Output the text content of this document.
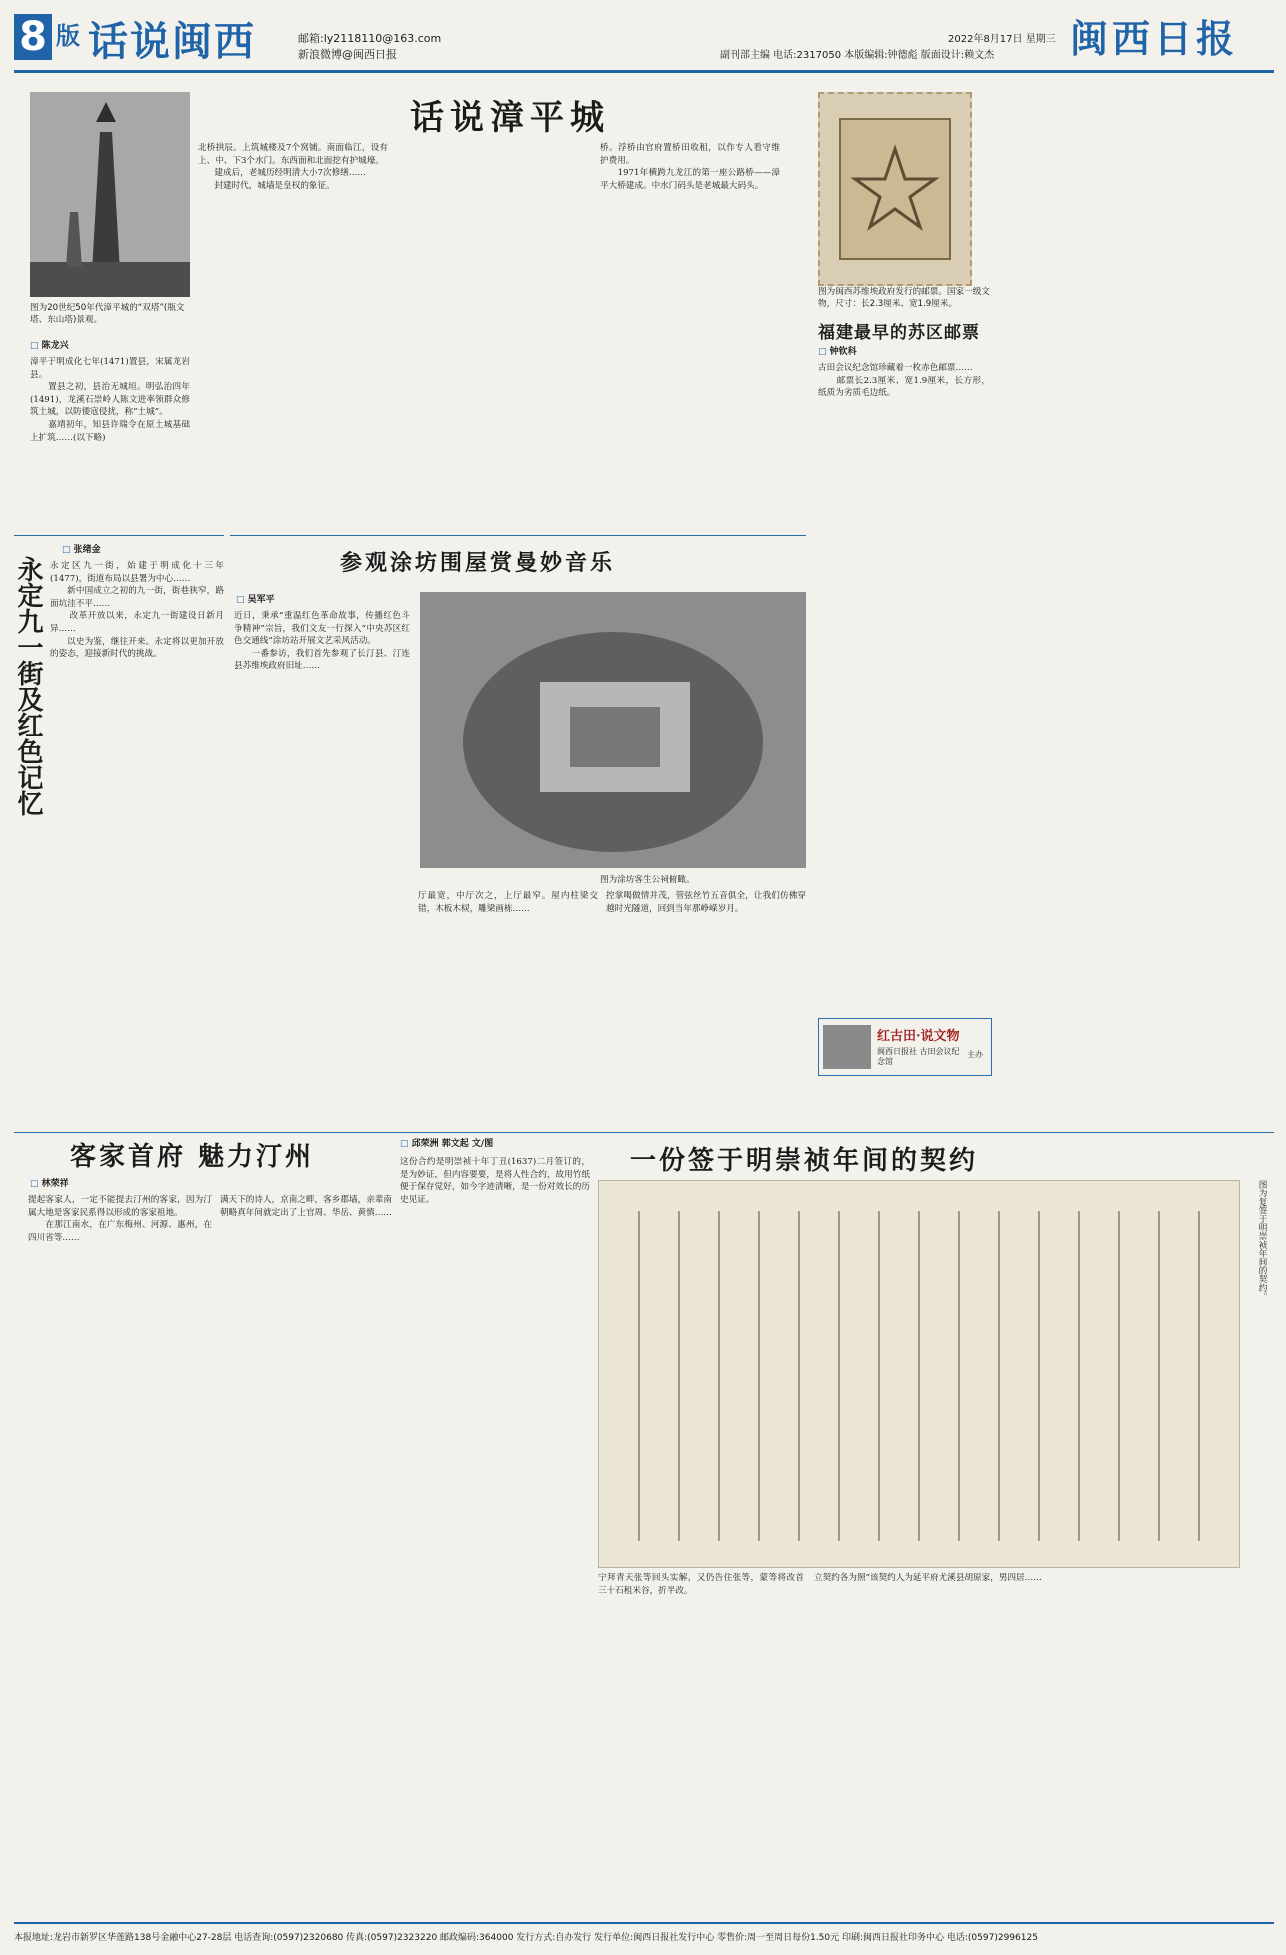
8 版 话说闽西	邮箱:ly2118110@163.com
新浪微博@闽西日报	副刊部主编 电话:2317050 本版编辑:钟德彪 版面设计:赖文杰
2022年8月17日 星期三 闽西日报
图为20世纪50年代漳平城的“双塔”(瓶文塔、东山塔)景观。
□ 陈龙兴
话说漳平城
漳平于明成化七年(1471)置县，宋属龙岩县。
置县之初，县治无城垣。明弘治四年(1491)，龙溪石崇岭人陈文进率领群众修筑土城，以防倭寇侵扰，称“土城”。
嘉靖初年，知县许瑞令在原土城基础上扩筑……(以下略)
北桥拱辰。上筑城楼及7个窝铺。南面临江，设有上、中、下3个水门。东西面和北面挖有护城壕。
建成后，老城历经明清大小7次修缮……
封建时代，城墙是皇权的象征。
桥。浮桥由官府置桥田收租，以作专人看守维护费用。
1971年横跨九龙江的第一座公路桥——漳平大桥建成。中水门码头是老城最大码头。
图为闽西苏维埃政府发行的邮票。国家一级文物，尺寸：长2.3厘米、宽1.9厘米。
福建最早的苏区邮票
□ 钟钦科
古田会议纪念馆珍藏着一枚赤色邮票……
邮票长2.3厘米、宽1.9厘米，长方形，纸质为劣质毛边纸。
红古田·说文物
闽西日报社 古田会议纪念馆
主办
永定九一街及红色记忆
□ 张绪金
永定区九一街，始建于明成化十三年(1477)，街道布局以县署为中心……
新中国成立之初的九一街，街巷狭窄，路面坑洼不平……
改革开放以来，永定九一街建设日新月异……
以史为鉴，继往开来。永定将以更加开放的姿态，迎接新时代的挑战。
参观涂坊围屋赏曼妙音乐
□ 吴军平
近日，秉承“重温红色革命故事，传播红色斗争精神”宗旨，我们文友一行探入“中央苏区红色交通线”涂坊站开展文艺采风活动。
一番参访，我们首先参观了长汀县、汀连县苏维埃政府旧址……
图为涂坊客生公祠俯瞰。
厅最宽，中厅次之，上厅最窄。屋内柱梁交错，木板木棂，雕梁画栋……
控掌喝做情并茂，管弦丝竹五音俱全，让我们仿佛穿越时光隧道，回到当年那峥嵘岁月。
客家首府 魅力汀州
□ 林荣祥
提起客家人，一定不能提去汀州的客家，因为汀属大地是客家民系得以形成的客家祖地。
在那江南水，在广东梅州、河源、惠州，在四川省等……
满天下的诗人，京南之畔，客乡郡墙，亲辈南朝略真年间就定出了上官周、华岳、黄慎……
□ 邱荣洲 郭文起 文/图
一份签于明崇祯年间的契约
这份合约是明崇祯十年丁丑(1637)二月签订的，是为妙证，但内容要要，是将人性合约，故用竹纸便于保存觉好，如今字迹清晰，是一份对效长的历史见证。	图为复签于明崇祯年间的契约。
宁拜青天张等回头实解，又仍告住张等，蒙等将改首三十石租米谷，折半改。
立契约各为照”该契约人为延平府尤溪县胡原家，男四居……
本报地址:龙岩市新罗区华莲路138号金融中心27-28层 电话查询:(0597)2320680 传真:(0597)2323220 邮政编码:364000 发行方式:自办发行 发行单位:闽西日报社发行中心 零售价:周一至周日每份1.50元 印刷:闽西日报社印务中心 电话:(0597)2996125
